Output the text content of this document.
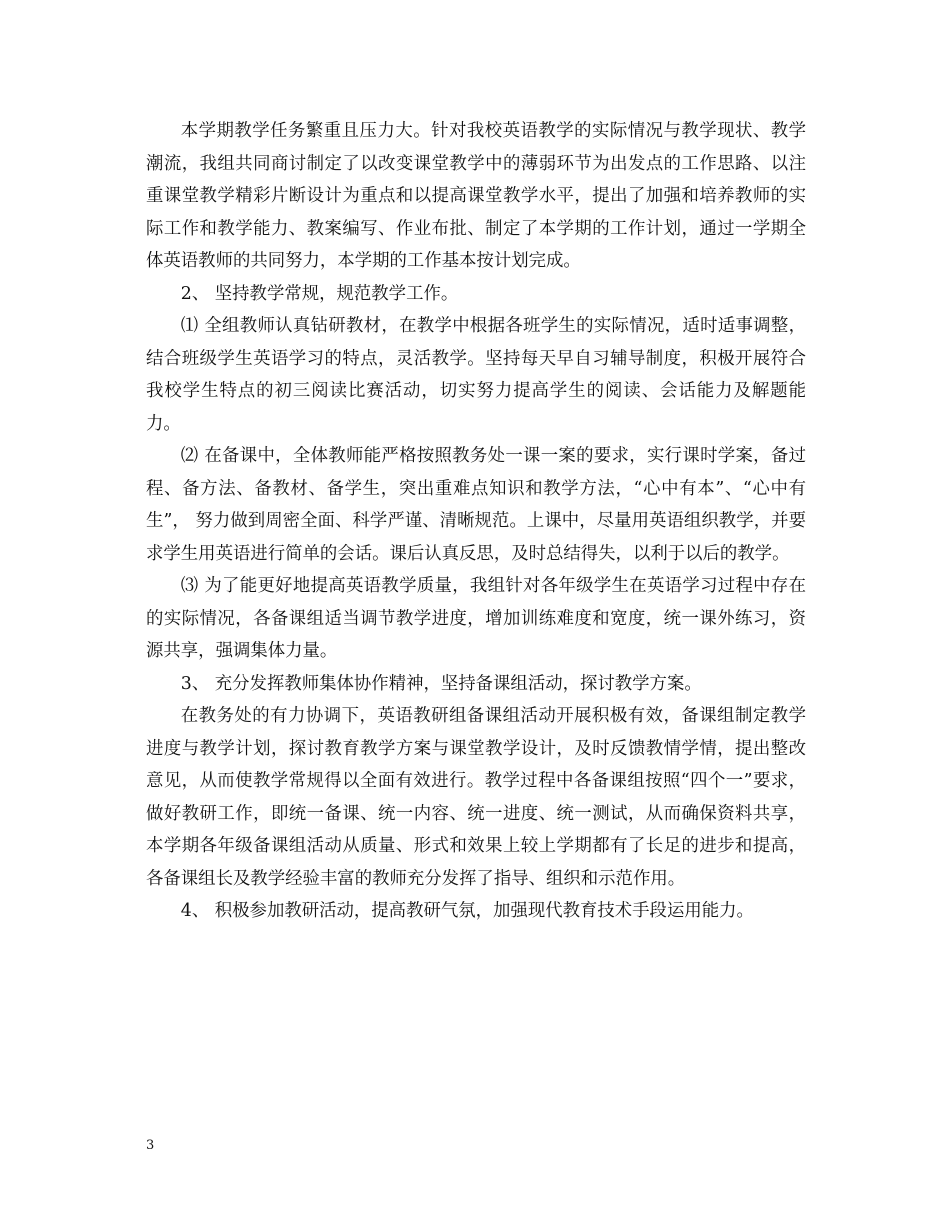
本学期教学任务繁重且压力大。针对我校英语教学的实际情况与教学现状、教学潮流，我组共同商讨制定了以改变课堂教学中的薄弱环节为出发点的工作思路、以注重课堂教学精彩片断设计为重点和以提高课堂教学水平，提出了加强和培养教师的实际工作和教学能力、教案编写、作业布批、制定了本学期的工作计划，通过一学期全体英语教师的共同努力，本学期的工作基本按计划完成。

2、 坚持教学常规，规范教学工作。

⑴ 全组教师认真钻研教材，在教学中根据各班学生的实际情况，适时适事调整，结合班级学生英语学习的特点，灵活教学。坚持每天早自习辅导制度，积极开展符合我校学生特点的初三阅读比赛活动，切实努力提高学生的阅读、会话能力及解题能力。

⑵ 在备课中，全体教师能严格按照教务处一课一案的要求，实行课时学案，备过程、备方法、备教材、备学生，突出重难点知识和教学方法，“心中有本”、“心中有生”， 努力做到周密全面、科学严谨、清晰规范。上课中，尽量用英语组织教学，并要求学生用英语进行简单的会话。课后认真反思，及时总结得失，以利于以后的教学。

⑶ 为了能更好地提高英语教学质量，我组针对各年级学生在英语学习过程中存在的实际情况，各备课组适当调节教学进度，增加训练难度和宽度，统一课外练习，资源共享，强调集体力量。

3、 充分发挥教师集体协作精神，坚持备课组活动，探讨教学方案。

在教务处的有力协调下，英语教研组备课组活动开展积极有效，备课组制定教学进度与教学计划，探讨教育教学方案与课堂教学设计，及时反馈教情学情，提出整改意见，从而使教学常规得以全面有效进行。教学过程中各备课组按照“四个一”要求，做好教研工作，即统一备课、统一内容、统一进度、统一测试，从而确保资料共享，本学期各年级备课组活动从质量、形式和效果上较上学期都有了长足的进步和提高，各备课组长及教学经验丰富的教师充分发挥了指导、组织和示范作用。

4、 积极参加教研活动，提高教研气氛，加强现代教育技术手段运用能力。

3
